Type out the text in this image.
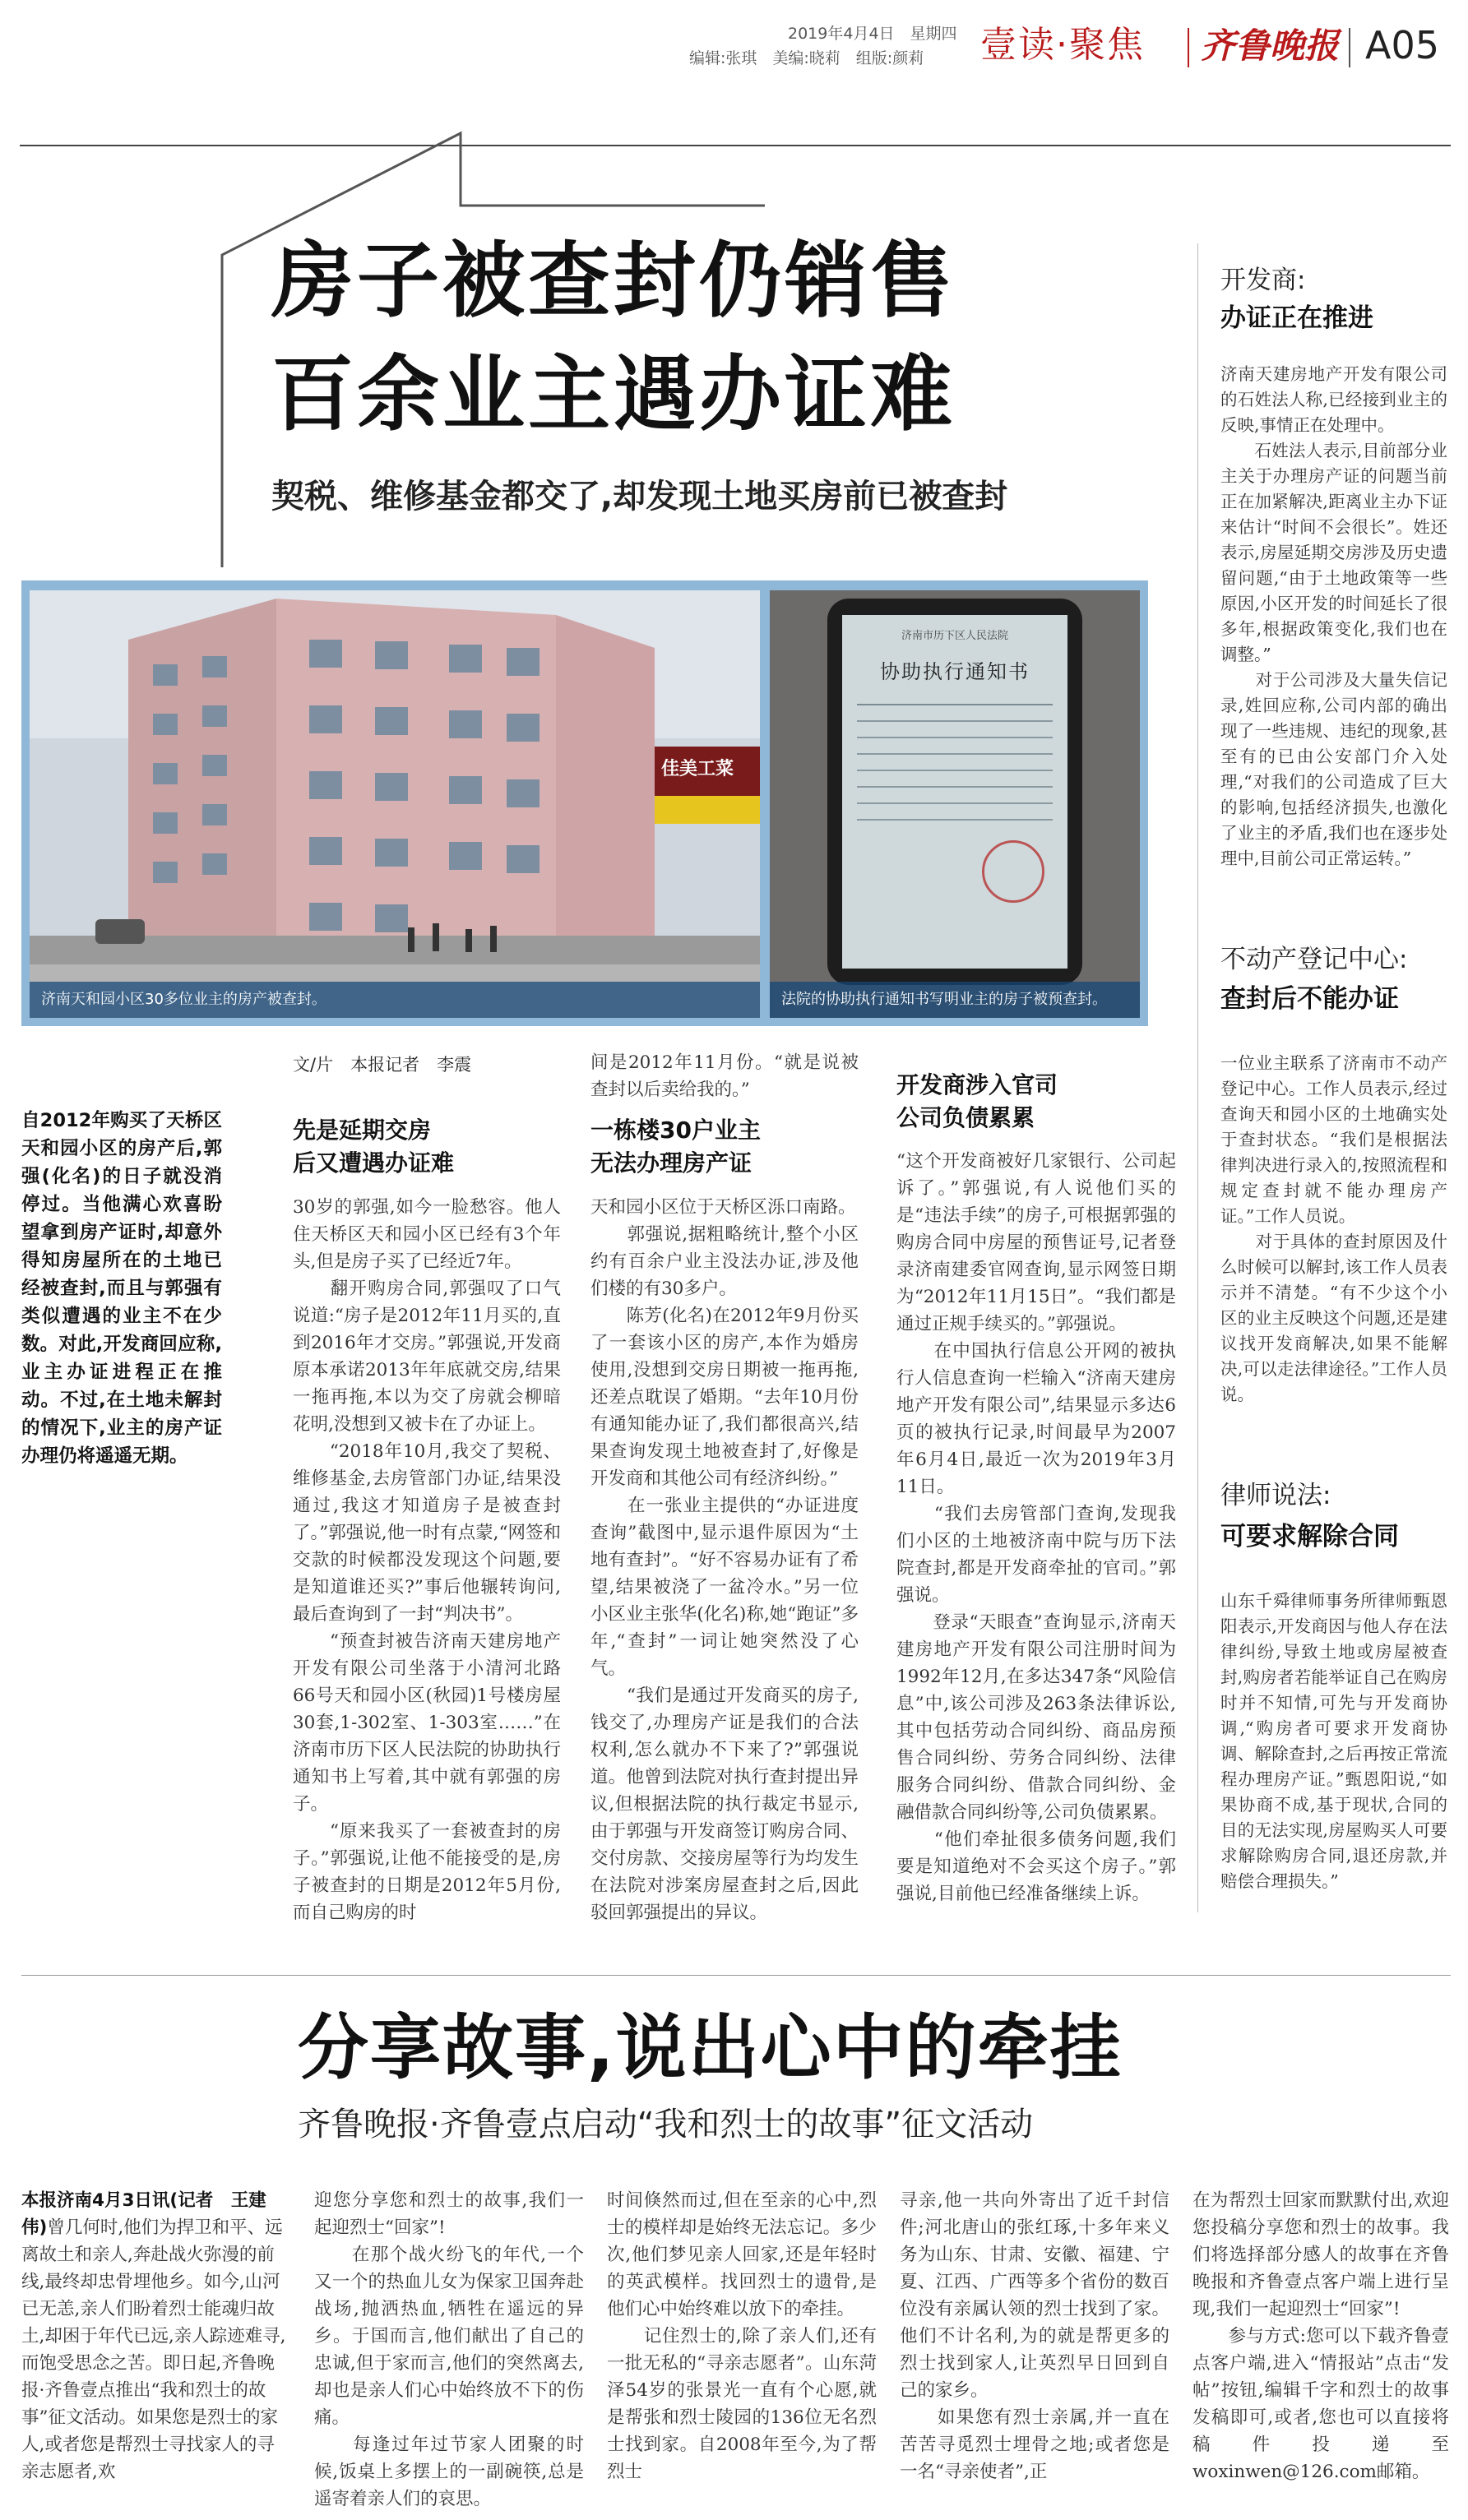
2019年4月4日　星期四
编辑:张琪　美编:晓莉　组版:颜莉 壹读·聚焦 齐鲁晚报 A05
房子被查封仍销售
百余业主遇办证难
契税、维修基金都交了,却发现土地买房前已被查封
佳美工菜
济南天和园小区30多位业主的房产被查封。
济南市历下区人民法院
协助执行通知书
法院的协助执行通知书写明业主的房子被预查封。
自2012年购买了天桥区天和园小区的房产后,郭强(化名)的日子就没消停过。当他满心欢喜盼望拿到房产证时,却意外得知房屋所在的土地已经被查封,而且与郭强有类似遭遇的业主不在少数。对此,开发商回应称,业主办证进程正在推动。不过,在土地未解封的情况下,业主的房产证办理仍将遥遥无期。
文/片　本报记者　李震
先是延期交房
后又遭遇办证难
30岁的郭强,如今一脸愁容。他人住天桥区天和园小区已经有3个年头,但是房子买了已经近7年。
　　翻开购房合同,郭强叹了口气说道:“房子是2012年11月买的,直到2016年才交房。”郭强说,开发商原本承诺2013年年底就交房,结果一拖再拖,本以为交了房就会柳暗花明,没想到又被卡在了办证上。
　　“2018年10月,我交了契税、维修基金,去房管部门办证,结果没通过,我这才知道房子是被查封了。”郭强说,他一时有点蒙,“网签和交款的时候都没发现这个问题,要是知道谁还买?”事后他辗转询问,最后查询到了一封“判决书”。
　　“预查封被告济南天建房地产开发有限公司坐落于小清河北路66号天和园小区(秋园)1号楼房屋30套,1-302室、1-303室……”在济南市历下区人民法院的协助执行通知书上写着,其中就有郭强的房子。
　　“原来我买了一套被查封的房子。”郭强说,让他不能接受的是,房子被查封的日期是2012年5月份,而自己购房的时
间是2012年11月份。“就是说被查封以后卖给我的。”
一栋楼30户业主
无法办理房产证
天和园小区位于天桥区泺口南路。
　　郭强说,据粗略统计,整个小区约有百余户业主没法办证,涉及他们楼的有30多户。
　　陈芳(化名)在2012年9月份买了一套该小区的房产,本作为婚房使用,没想到交房日期被一拖再拖,还差点耽误了婚期。“去年10月份有通知能办证了,我们都很高兴,结果查询发现土地被查封了,好像是开发商和其他公司有经济纠纷。”
　　在一张业主提供的“办证进度查询”截图中,显示退件原因为“土地有查封”。“好不容易办证有了希望,结果被浇了一盆冷水。”另一位小区业主张华(化名)称,她“跑证”多年,“查封”一词让她突然没了心气。
　　“我们是通过开发商买的房子,钱交了,办理房产证是我们的合法权利,怎么就办不下来了?”郭强说道。他曾到法院对执行查封提出异议,但根据法院的执行裁定书显示,由于郭强与开发商签订购房合同、交付房款、交接房屋等行为均发生在法院对涉案房屋查封之后,因此驳回郭强提出的异议。
开发商涉入官司
公司负债累累
“这个开发商被好几家银行、公司起诉了。”郭强说,有人说他们买的是“违法手续”的房子,可根据郭强的购房合同中房屋的预售证号,记者登录济南建委官网查询,显示网签日期为“2012年11月15日”。“我们都是通过正规手续买的。”郭强说。
　　在中国执行信息公开网的被执行人信息查询一栏输入“济南天建房地产开发有限公司”,结果显示多达6页的被执行记录,时间最早为2007年6月4日,最近一次为2019年3月11日。
　　“我们去房管部门查询,发现我们小区的土地被济南中院与历下法院查封,都是开发商牵扯的官司。”郭强说。
　　登录“天眼查”查询显示,济南天建房地产开发有限公司注册时间为1992年12月,在多达347条“风险信息”中,该公司涉及263条法律诉讼,其中包括劳动合同纠纷、商品房预售合同纠纷、劳务合同纠纷、法律服务合同纠纷、借款合同纠纷、金融借款合同纠纷等,公司负债累累。
　　“他们牵扯很多债务问题,我们要是知道绝对不会买这个房子。”郭强说,目前他已经准备继续上诉。
开发商:
办证正在推进
济南天建房地产开发有限公司的石姓法人称,已经接到业主的反映,事情正在处理中。
　　石姓法人表示,目前部分业主关于办理房产证的问题当前正在加紧解决,距离业主办下证来估计“时间不会很长”。姓还表示,房屋延期交房涉及历史遗留问题,“由于土地政策等一些原因,小区开发的时间延长了很多年,根据政策变化,我们也在调整。”
　　对于公司涉及大量失信记录,姓回应称,公司内部的确出现了一些违规、违纪的现象,甚至有的已由公安部门介入处理,“对我们的公司造成了巨大的影响,包括经济损失,也激化了业主的矛盾,我们也在逐步处理中,目前公司正常运转。”
不动产登记中心:
查封后不能办证
一位业主联系了济南市不动产登记中心。工作人员表示,经过查询天和园小区的土地确实处于查封状态。“我们是根据法律判决进行录入的,按照流程和规定查封就不能办理房产证。”工作人员说。
　　对于具体的查封原因及什么时候可以解封,该工作人员表示并不清楚。“有不少这个小区的业主反映这个问题,还是建议找开发商解决,如果不能解决,可以走法律途径。”工作人员说。
律师说法:
可要求解除合同
山东千舜律师事务所律师甄恩阳表示,开发商因与他人存在法律纠纷,导致土地或房屋被查封,购房者若能举证自己在购房时并不知情,可先与开发商协调,“购房者可要求开发商协调、解除查封,之后再按正常流程办理房产证。”甄恩阳说,“如果协商不成,基于现状,合同的目的无法实现,房屋购买人可要求解除购房合同,退还房款,并赔偿合理损失。”
分享故事,说出心中的牵挂
齐鲁晚报·齐鲁壹点启动“我和烈士的故事”征文活动
本报济南4月3日讯(记者　王建伟)曾几何时,他们为捍卫和平、远离故土和亲人,奔赴战火弥漫的前线,最终却忠骨埋他乡。如今,山河已无恙,亲人们盼着烈士能魂归故土,却困于年代已远,亲人踪迹难寻,而饱受思念之苦。即日起,齐鲁晚报·齐鲁壹点推出“我和烈士的故事”征文活动。如果您是烈士的家人,或者您是帮烈士寻找家人的寻亲志愿者,欢
迎您分享您和烈士的故事,我们一起迎烈士“回家”!
　　在那个战火纷飞的年代,一个又一个的热血儿女为保家卫国奔赴战场,抛洒热血,牺牲在遥远的异乡。于国而言,他们献出了自己的忠诚,但于家而言,他们的突然离去,却也是亲人们心中始终放不下的伤痛。
　　每逢过年过节家人团聚的时候,饭桌上多摆上的一副碗筷,总是遥寄着亲人们的哀思。
时间倏然而过,但在至亲的心中,烈士的模样却是始终无法忘记。多少次,他们梦见亲人回家,还是年轻时的英武模样。找回烈士的遗骨,是他们心中始终难以放下的牵挂。
　　记住烈士的,除了亲人们,还有一批无私的“寻亲志愿者”。山东菏泽54岁的张景光一直有个心愿,就是帮张和烈士陵园的136位无名烈士找到家。自2008年至今,为了帮烈士
寻亲,他一共向外寄出了近千封信件;河北唐山的张红琢,十多年来义务为山东、甘肃、安徽、福建、宁夏、江西、广西等多个省份的数百位没有亲属认领的烈士找到了家。他们不计名利,为的就是帮更多的烈士找到家人,让英烈早日回到自己的家乡。
　　如果您有烈士亲属,并一直在苦苦寻觅烈士埋骨之地;或者您是一名“寻亲使者”,正
在为帮烈士回家而默默付出,欢迎您投稿分享您和烈士的故事。我们将选择部分感人的故事在齐鲁晚报和齐鲁壹点客户端上进行呈现,我们一起迎烈士“回家”!
　　参与方式:您可以下载齐鲁壹点客户端,进入“情报站”点击“发帖”按钮,编辑千字和烈士的故事发稿即可,或者,您也可以直接将稿件投递至woxinwen@126.com邮箱。
